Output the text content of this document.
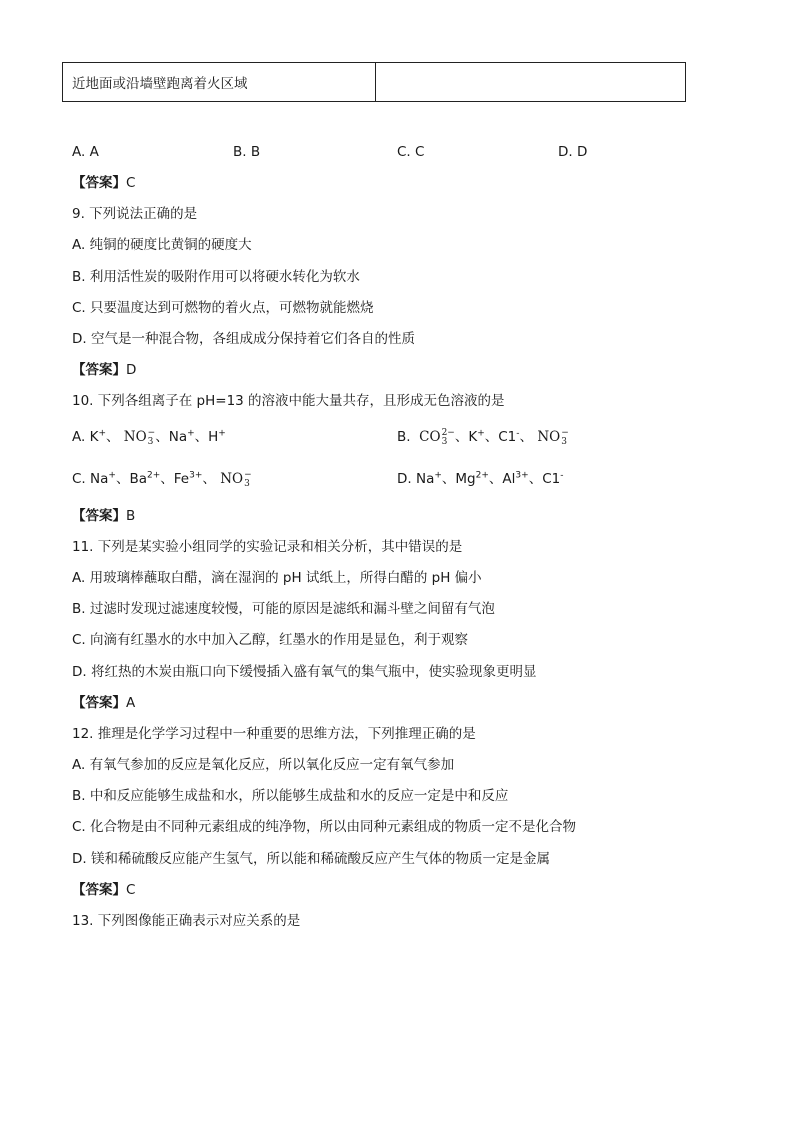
近地面或沿墙壁跑离着火区域
A. A	B. B	C. C	D. D
【答案】C
9. 下列说法正确的是
A. 纯铜的硬度比黄铜的硬度大
B. 利用活性炭的吸附作用可以将硬水转化为软水
C. 只要温度达到可燃物的着火点，可燃物就能燃烧
D. 空气是一种混合物，各组成成分保持着它们各自的性质
【答案】D
10. 下列各组离子在 pH=13 的溶液中能大量共存，且形成无色溶液的是
A. K+、 NO −
3 、Na+、H+	B. CO 2−
3 、K+、C1-、 NO −
3
C. Na+、$Ba^{2+}$、$Fe^{3+}$、 NO −
3	D. Na+、$Mg^{2+}$、$Al^{3+}$、C1-
【答案】B
11. 下列是某实验小组同学的实验记录和相关分析，其中错误的是
A. 用玻璃棒蘸取白醋，滴在湿润的 pH 试纸上，所得白醋的 pH 偏小
B. 过滤时发现过滤速度较慢，可能的原因是滤纸和漏斗壁之间留有气泡
C. 向滴有红墨水的水中加入乙醇，红墨水的作用是显色，利于观察
D. 将红热的木炭由瓶口向下缓慢插入盛有氧气的集气瓶中，使实验现象更明显
【答案】A
12. 推理是化学学习过程中一种重要的思维方法，下列推理正确的是
A. 有氧气参加的反应是氧化反应，所以氧化反应一定有氧气参加
B. 中和反应能够生成盐和水，所以能够生成盐和水的反应一定是中和反应
C. 化合物是由不同种元素组成的纯净物，所以由同种元素组成的物质一定不是化合物
D. 镁和稀硫酸反应能产生氢气，所以能和稀硫酸反应产生气体的物质一定是金属
【答案】C
13. 下列图像能正确表示对应关系的是
